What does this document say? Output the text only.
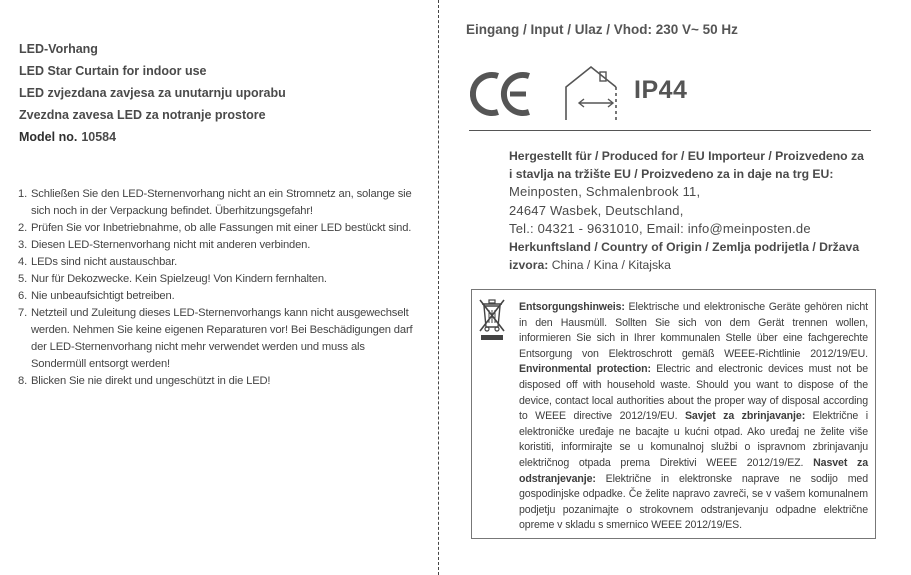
LED-Vorhang
LED Star Curtain for indoor use
LED zvjezdana zavjesa za unutarnju uporabu
Zvezdna zavesa LED za notranje prostore
Model no. 10584
1. Schließen Sie den LED-Sternenvorhang nicht an ein Stromnetz an, solange sie sich noch in der Verpackung befindet. Überhitzungsgefahr!
2. Prüfen Sie vor Inbetriebnahme, ob alle Fassungen mit einer LED bestückt sind.
3. Diesen LED-Sternenvorhang nicht mit anderen verbinden.
4. LEDs sind nicht austauschbar.
5. Nur für Dekozwecke. Kein Spielzeug! Von Kindern fernhalten.
6. Nie unbeaufsichtigt betreiben.
7. Netzteil und Zuleitung dieses LED-Sternenvorhangs kann nicht ausgewechselt werden. Nehmen Sie keine eigenen Reparaturen vor! Bei Beschädigungen darf der LED-Sternenvorhang nicht mehr verwendet werden und muss als Sondermüll entsorgt werden!
8. Blicken Sie nie direkt und ungeschützt in die LED!
Eingang / Input / Ulaz / Vhod: 230 V~ 50 Hz
IP44
Hergestellt für / Produced for / EU Importeur / Proizvedeno za i stavlja na tržište EU / Proizvedeno za in daje na trg EU:
Meinposten, Schmalenbrook 11,
24647 Wasbek, Deutschland,
Tel.: 04321 - 9631010, Email: info@meinposten.de
Herkunftsland / Country of Origin / Zemlja podrijetla / Država izvora: China / Kina / Kitajska
Entsorgungshinweis: Elektrische und elektronische Geräte gehören nicht in den Hausmüll. Sollten Sie sich von dem Gerät trennen wollen, informieren Sie sich in Ihrer kommunalen Stelle über eine fachgerechte Entsorgung von Elektroschrott gemäß WEEE-Richtlinie 2012/19/EU. Environmental protection: Electric and electronic devices must not be disposed off with household waste. Should you want to dispose of the device, contact local authorities about the proper way of disposal according to WEEE directive 2012/19/EU. Savjet za zbrinjavanje: Električne i elektroničke uređaje ne bacajte u kućni otpad. Ako uređaj ne želite više koristiti, informirajte se u komunalnoj službi o ispravnom zbrinjavanju električnog otpada prema Direktivi WEEE 2012/19/EZ. Nasvet za odstranjevanje: Električne in elektronske naprave ne sodijo med gospodinjske odpadke. Če želite napravo zavreči, se v vašem komunalnem podjetju pozanimajte o strokovnem odstranjevanju odpadne električne opreme v skladu s smernico WEEE 2012/19/ES.
